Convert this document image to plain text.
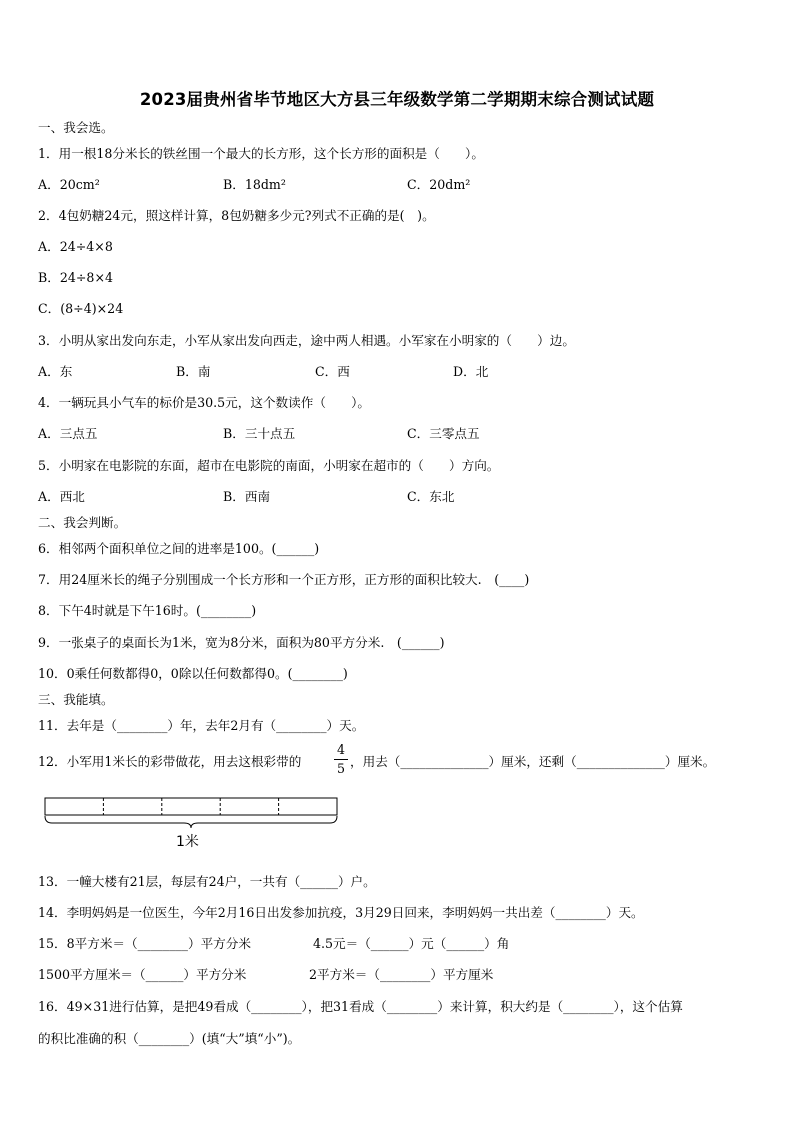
2023届贵州省毕节地区大方县三年级数学第二学期期末综合测试试题
一、我会选。
1．用一根18分米长的铁丝围一个最大的长方形，这个长方形的面积是（　　）。
A．20cm²	B．18dm²	C．20dm²
2．4包奶糖24元，照这样计算，8包奶糖多少元?列式不正确的是(　)。
A．24÷4×8
B．24÷8×4
C．(8÷4)×24
3．小明从家出发向东走，小军从家出发向西走，途中两人相遇。小军家在小明家的（　　）边。
A．东	B．南	C．西	D．北
4．一辆玩具小气车的标价是30.5元，这个数读作（　　）。
A．三点五	B．三十点五	C．三零点五
5．小明家在电影院的东面，超市在电影院的南面，小明家在超市的（　　）方向。
A．西北	B．西南	C．东北
二、我会判断。
6．相邻两个面积单位之间的进率是100。(______)
7．用24厘米长的绳子分别围成一个长方形和一个正方形，正方形的面积比较大.　(____)
8．下午4时就是下午16时。(________)
9．一张桌子的桌面长为1米，宽为8分米，面积为80平方分米.　(______)
10．0乘任何数都得0，0除以任何数都得0。(________)
三、我能填。
11．去年是（________）年，去年2月有（________）天。
12．小军用1米长的彩带做花，用去这根彩带的
4
5 ，用去（______________）厘米，还剩（______________）厘米。
1米
13．一幢大楼有21层，每层有24户，一共有（______）户。
14．李明妈妈是一位医生，今年2月16日出发参加抗疫，3月29日回来，李明妈妈一共出差（________）天。
15．8平方米＝（________）平方分米	4.5元＝（______）元（______）角
1500平方厘米＝（______）平方分米	2平方米＝（________）平方厘米
16．49×31进行估算，是把49看成（________），把31看成（________）来计算，积大约是（________），这个估算
的积比准确的积（________）(填“大”填“小”)。
